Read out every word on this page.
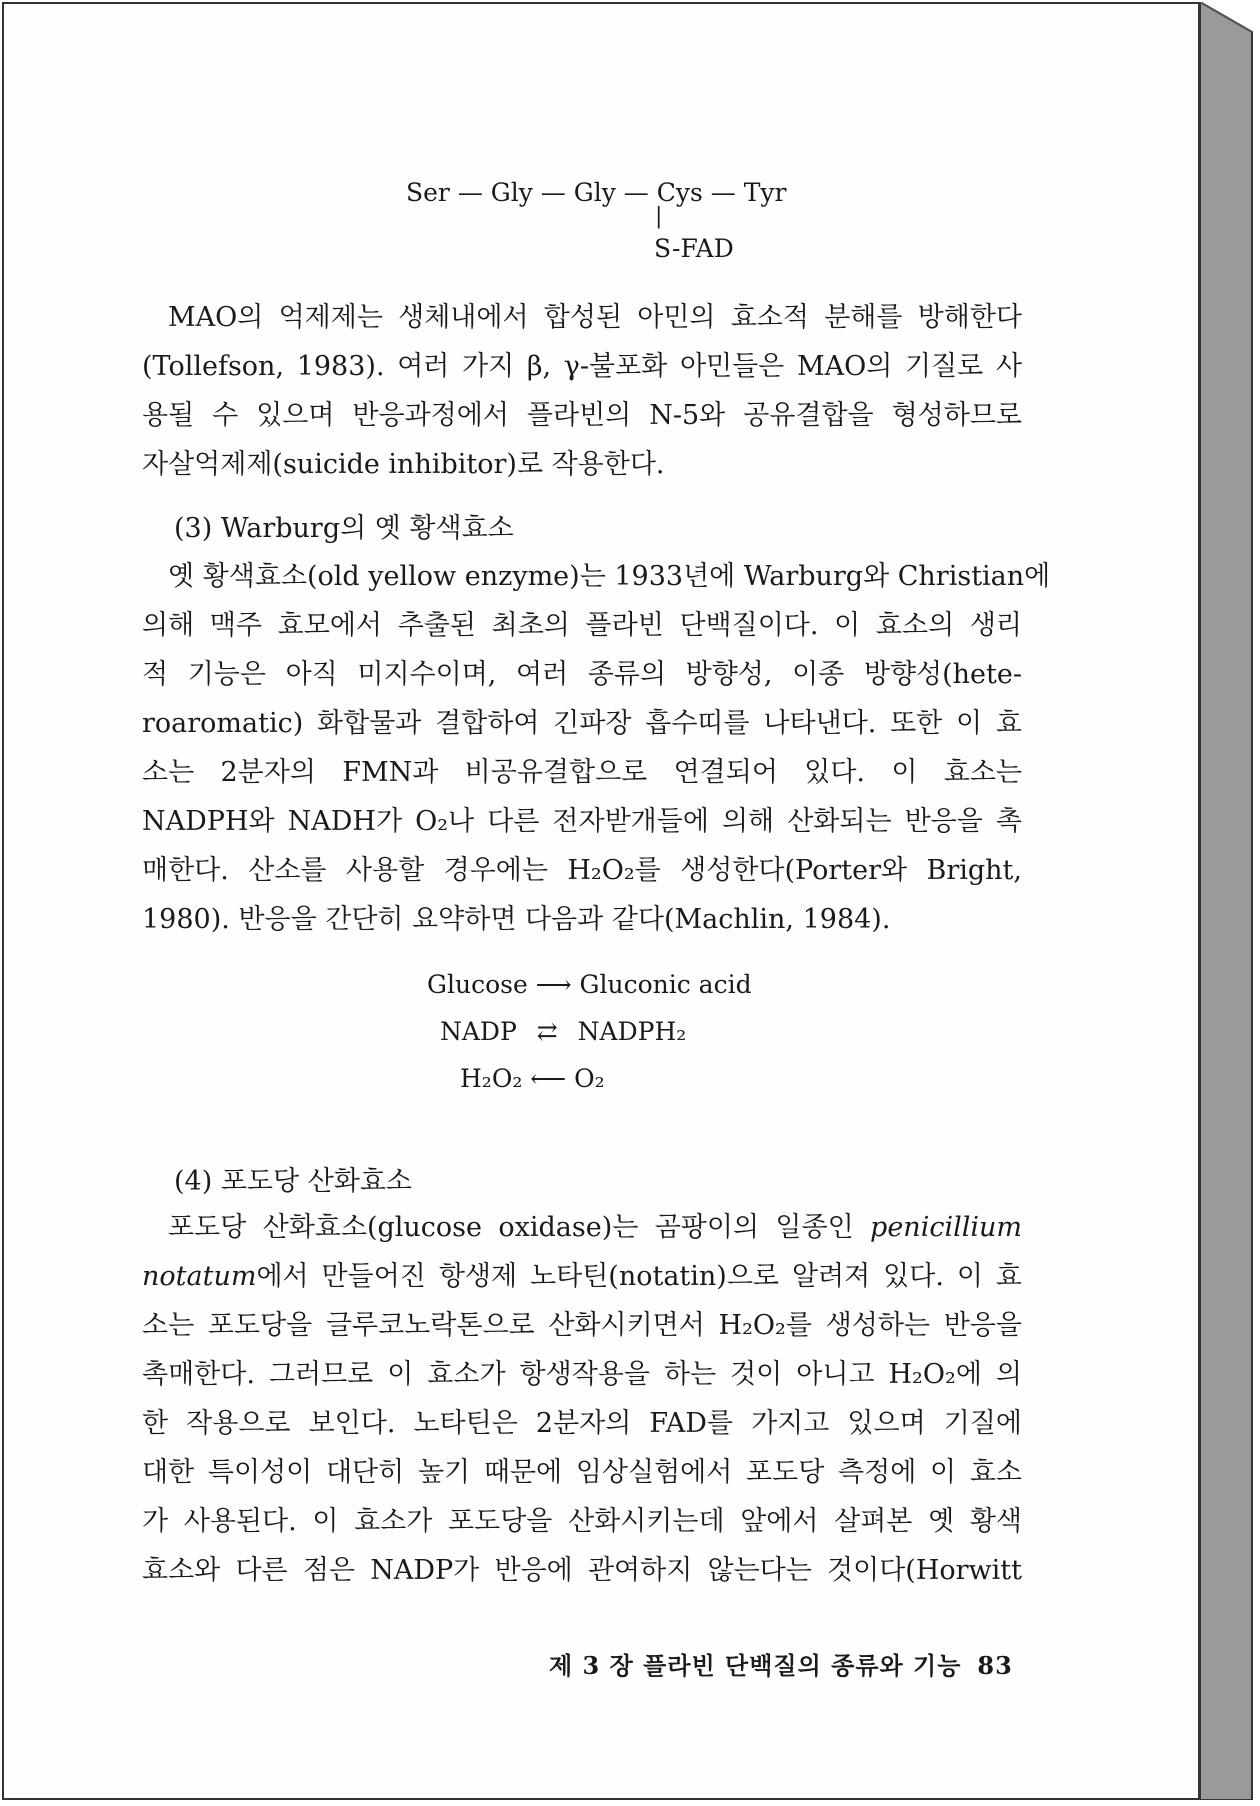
Ser — Gly — Gly — Cys — Tyr
|
S-FAD
MAO의 억제제는 생체내에서 합성된 아민의 효소적 분해를 방해한다
(Tollefson, 1983). 여러 가지 β, γ-불포화 아민들은 MAO의 기질로 사
용될 수 있으며 반응과정에서 플라빈의 N-5와 공유결합을 형성하므로
자살억제제(suicide inhibitor)로 작용한다.
(3) Warburg의 옛 황색효소
옛 황색효소(old yellow enzyme)는 1933년에 Warburg와 Christian에
의해 맥주 효모에서 추출된 최초의 플라빈 단백질이다. 이 효소의 생리
적 기능은 아직 미지수이며, 여러 종류의 방향성, 이종 방향성(hete-
roaromatic) 화합물과 결합하여 긴파장 흡수띠를 나타낸다. 또한 이 효
소는 2분자의 FMN과 비공유결합으로 연결되어 있다. 이 효소는
NADPH와 NADH가 O₂나 다른 전자받개들에 의해 산화되는 반응을 촉
매한다. 산소를 사용할 경우에는 H₂O₂를 생성한다(Porter와 Bright,
1980). 반응을 간단히 요약하면 다음과 같다(Machlin, 1984).
Glucose ⟶ Gluconic acid
NADP ⇄ NADPH₂
H₂O₂ ⟵ O₂
(4) 포도당 산화효소
포도당 산화효소(glucose oxidase)는 곰팡이의 일종인 penicillium
notatum에서 만들어진 항생제 노타틴(notatin)으로 알려져 있다. 이 효
소는 포도당을 글루코노락톤으로 산화시키면서 H₂O₂를 생성하는 반응을
촉매한다. 그러므로 이 효소가 항생작용을 하는 것이 아니고 H₂O₂에 의
한 작용으로 보인다. 노타틴은 2분자의 FAD를 가지고 있으며 기질에
대한 특이성이 대단히 높기 때문에 임상실험에서 포도당 측정에 이 효소
가 사용된다. 이 효소가 포도당을 산화시키는데 앞에서 살펴본 옛 황색
효소와 다른 점은 NADP가 반응에 관여하지 않는다는 것이다(Horwitt
제 3 장 플라빈 단백질의 종류와 기능 83
